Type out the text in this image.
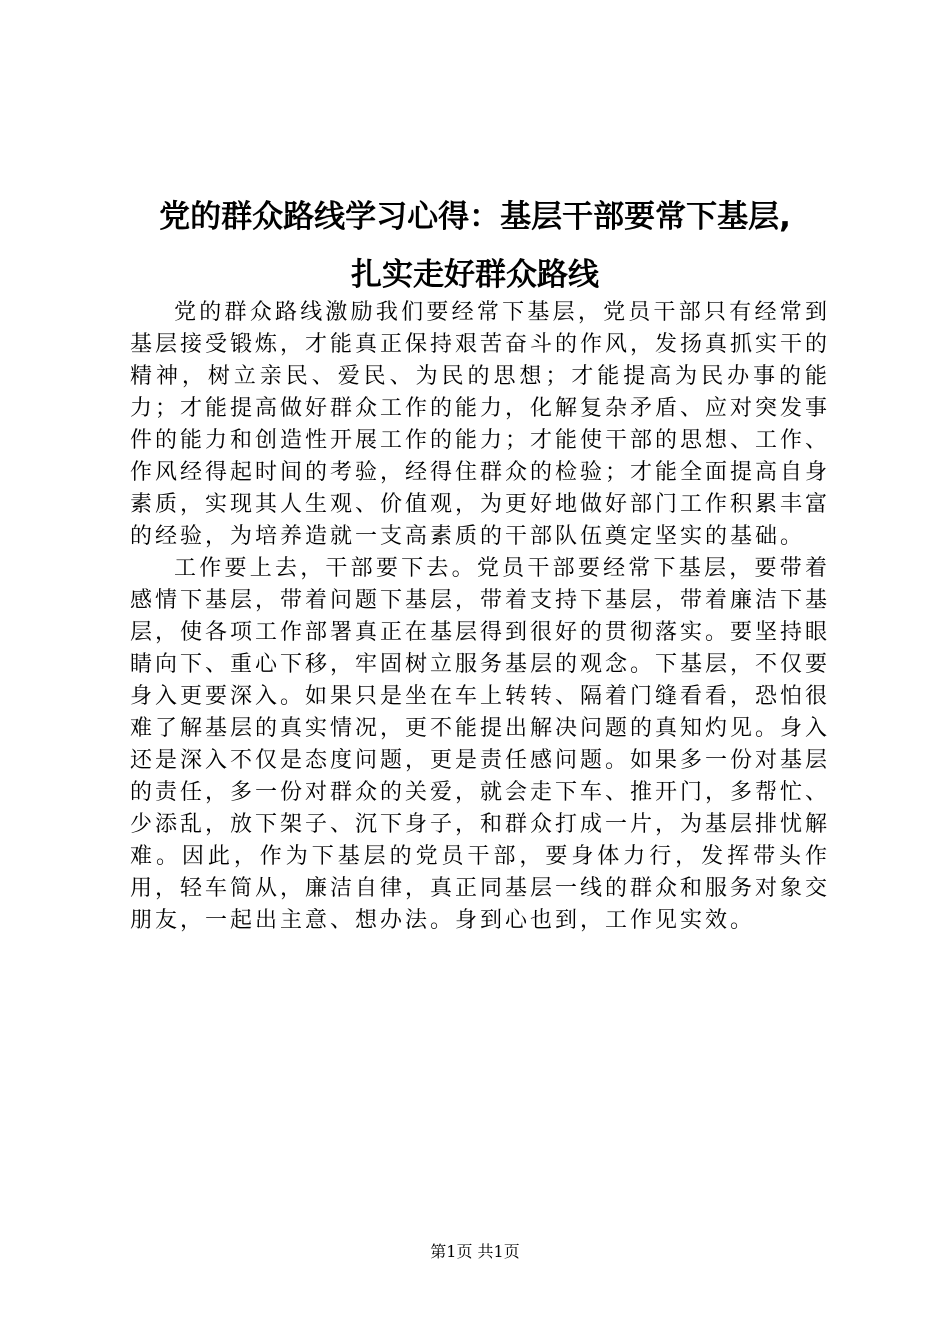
党的群众路线学习心得：基层干部要常下基层,
扎实走好群众路线

党的群众路线激励我们要经常下基层，党员干部只有经常到基层接受锻炼，才能真正保持艰苦奋斗的作风，发扬真抓实干的精神，树立亲民、爱民、为民的思想；才能提高为民办事的能力；才能提高做好群众工作的能力，化解复杂矛盾、应对突发事件的能力和创造性开展工作的能力；才能使干部的思想、工作、作风经得起时间的考验，经得住群众的检验；才能全面提高自身素质，实现其人生观、价值观，为更好地做好部门工作积累丰富的经验，为培养造就一支高素质的干部队伍奠定坚实的基础。

工作要上去，干部要下去。党员干部要经常下基层，要带着感情下基层，带着问题下基层，带着支持下基层，带着廉洁下基层，使各项工作部署真正在基层得到很好的贯彻落实。要坚持眼睛向下、重心下移，牢固树立服务基层的观念。下基层，不仅要身入更要深入。如果只是坐在车上转转、隔着门缝看看，恐怕很难了解基层的真实情况，更不能提出解决问题的真知灼见。身入还是深入不仅是态度问题，更是责任感问题。如果多一份对基层的责任，多一份对群众的关爱，就会走下车、推开门，多帮忙、少添乱，放下架子、沉下身子，和群众打成一片，为基层排忧解难。因此，作为下基层的党员干部，要身体力行，发挥带头作用，轻车简从，廉洁自律，真正同基层一线的群众和服务对象交朋友，一起出主意、想办法。身到心也到，工作见实效。

第1页 共1页
